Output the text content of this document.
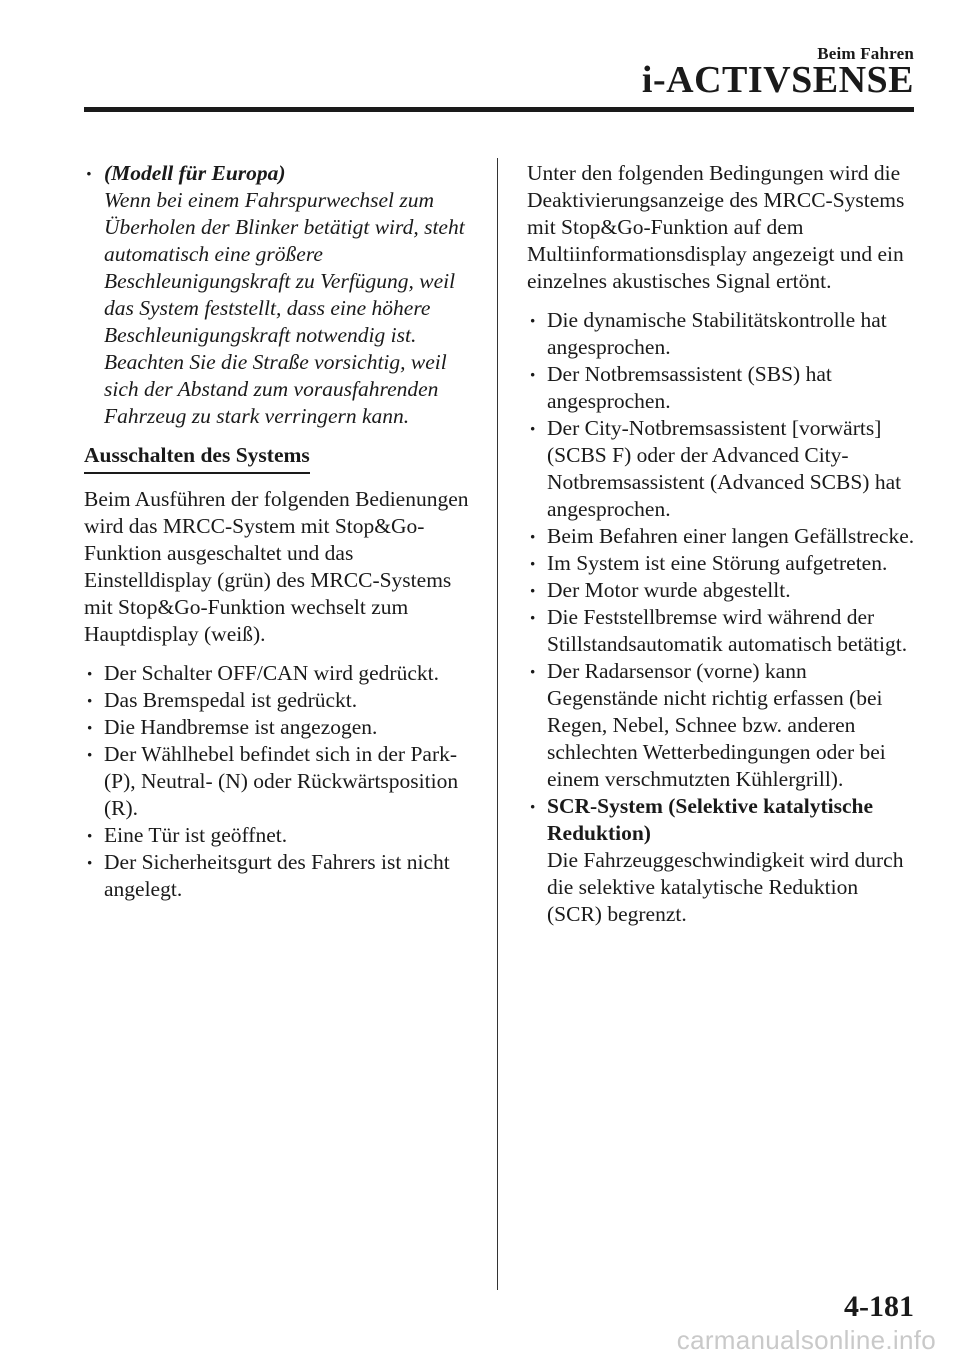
Beim Fahren
i-ACTIVSENSE
· (Modell für Europa)
Wenn bei einem Fahrspurwechsel zum Überholen der Blinker betätigt wird, steht automatisch eine größere Beschleunigungskraft zu Verfügung, weil das System feststellt, dass eine höhere Beschleunigungskraft notwendig ist. Beachten Sie die Straße vorsichtig, weil sich der Abstand zum vorausfahrenden Fahrzeug zu stark verringern kann.
Ausschalten des Systems

Beim Ausführen der folgenden Bedienungen wird das MRCC-System mit Stop&Go-Funktion ausgeschaltet und das Einstelldisplay (grün) des MRCC-Systems mit Stop&Go-Funktion wechselt zum Hauptdisplay (weiß).

· Der Schalter OFF/CAN wird gedrückt.
· Das Bremspedal ist gedrückt.
· Die Handbremse ist angezogen.
· Der Wählhebel befindet sich in der Park- (P), Neutral- (N) oder Rückwärtsposition (R).
· Eine Tür ist geöffnet.
· Der Sicherheitsgurt des Fahrers ist nicht angelegt.

Unter den folgenden Bedingungen wird die Deaktivierungsanzeige des MRCC-Systems mit Stop&Go-Funktion auf dem Multiinformationsdisplay angezeigt und ein einzelnes akustisches Signal ertönt.

· Die dynamische Stabilitätskontrolle hat angesprochen.
· Der Notbremsassistent (SBS) hat angesprochen.
· Der City-Notbremsassistent [vorwärts] (SCBS F) oder der Advanced City-Notbremsassistent (Advanced SCBS) hat angesprochen.
· Beim Befahren einer langen Gefällstrecke.
· Im System ist eine Störung aufgetreten.
· Der Motor wurde abgestellt.
· Die Feststellbremse wird während der Stillstandsautomatik automatisch betätigt.
· Der Radarsensor (vorne) kann Gegenstände nicht richtig erfassen (bei Regen, Nebel, Schnee bzw. anderen schlechten Wetterbedingungen oder bei einem verschmutzten Kühlergrill).
· SCR-System (Selektive katalytische Reduktion)
Die Fahrzeuggeschwindigkeit wird durch die selektive katalytische Reduktion (SCR) begrenzt.
4-181
carmanualsonline.info
